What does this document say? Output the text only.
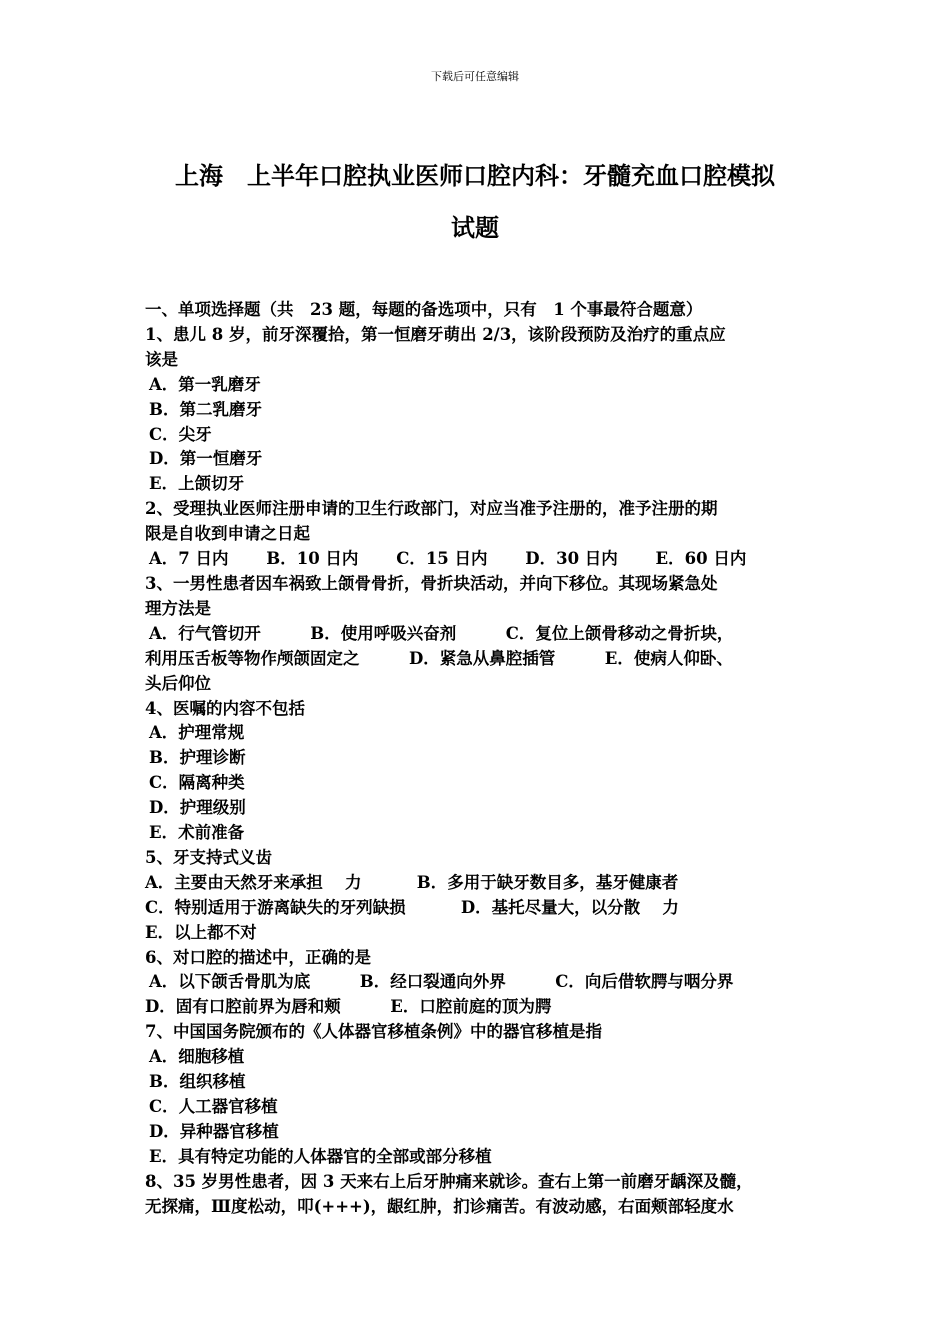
下载后可任意编辑
上海　上半年口腔执业医师口腔内科：牙髓充血口腔模拟
试题
一、单项选择题（共　23 题，每题的备选项中，只有　1 个事最符合题意）
1、患儿 8 岁，前牙深覆拾，第一恒磨牙萌出 2/3，该阶段预防及治疗的重点应
该是
A．第一乳磨牙
B．第二乳磨牙
C．尖牙
D．第一恒磨牙
E．上颌切牙
2、受理执业医师注册申请的卫生行政部门，对应当准予注册的，准予注册的期
限是自收到申请之日起
A．7 日内 B．10 日内 C．15 日内 D．30 日内 E．60 日内
3、一男性患者因车祸致上颌骨骨折，骨折块活动，并向下移位。其现场紧急处
理方法是
A．行气管切开　　　B．使用呼吸兴奋剂　　　C．复位上颌骨移动之骨折块，
利用压舌板等物作颅颌固定之　　　D．紧急从鼻腔插管　　　E．使病人仰卧、
头后仰位
4、医嘱的内容不包括
A．护理常规
B．护理诊断
C．隔离种类
D．护理级别
E．术前准备
5、牙支持式义齿
A．主要由天然牙来承担　 力　　　 B．多用于缺牙数目多，基牙健康者
C．特别适用于游离缺失的牙列缺损　　　 D．基托尽量大，以分散　 力
E．以上都不对
6、对口腔的描述中，正确的是
A．以下颌舌骨肌为底　　　B．经口裂通向外界　　　C．向后借软腭与咽分界
D．固有口腔前界为唇和颊　　　E．口腔前庭的顶为腭
7、中国国务院颁布的《人体器官移植条例》中的器官移植是指
A．细胞移植
B．组织移植
C．人工器官移植
D．异种器官移植
E．具有特定功能的人体器官的全部或部分移植
8、35 岁男性患者，因 3 天来右上后牙肿痛来就诊。查右上第一前磨牙龋深及髓，
无探痛，Ⅲ度松动，叩(+++)，龈红肿，扪诊痛苦。有波动感，右面颊部轻度水
